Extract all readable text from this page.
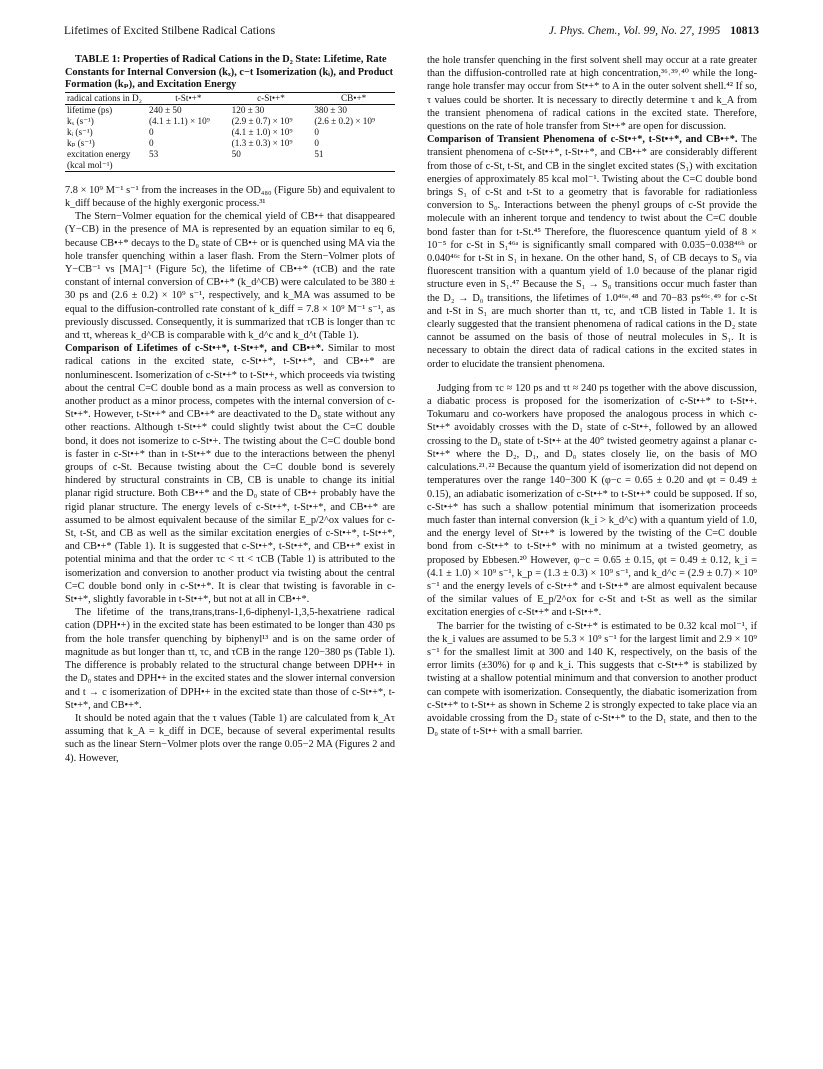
Lifetimes of Excited Stilbene Radical Cations	J. Phys. Chem., Vol. 99, No. 27, 1995 10813

TABLE 1: Properties of Radical Cations in the D₂ State: Lifetime, Rate Constants for Internal Conversion (kₓ), c−t Isomerization (kᵢ), and Product Formation (kₚ), and Excitation Energy

radical cations in D₂	t-St•+*	c-St•+*	CB•+*
lifetime (ps)	240 ± 50	120 ± 30	380 ± 30
kₓ (s⁻¹)	(4.1 ± 1.1) × 10⁹	(2.9 ± 0.7) × 10⁹	(2.6 ± 0.2) × 10⁹
kᵢ (s⁻¹)	0	(4.1 ± 1.0) × 10⁹	0
kₚ (s⁻¹)	0	(1.3 ± 0.3) × 10⁹	0
excitation energy (kcal mol⁻¹)	53	50	51

7.8 × 10⁹ M⁻¹ s⁻¹ from the increases in the OD₄₈₀ (Figure 5b) and equivalent to k_diff because of the highly exergonic process.³¹

The Stern−Volmer equation for the chemical yield of CB•+ that disappeared (Y−CB) in the presence of MA is represented by an equation similar to eq 6, because CB•+* decays to the D₀ state of CB•+ or is quenched using MA via the hole transfer quenching within a laser flash. From the Stern−Volmer plots of Y−CB⁻¹ vs [MA]⁻¹ (Figure 5c), the lifetime of CB•+* (τCB) and the rate constant of internal conversion of CB•+* (k_d^CB) were calculated to be 380 ± 30 ps and (2.6 ± 0.2) × 10⁹ s⁻¹, respectively, and k_MA was assumed to be equal to the diffusion-controlled rate constant of k_diff = 7.8 × 10⁹ M⁻¹ s⁻¹, as previously discussed. Consequently, it is summarized that τCB is longer than τc and τt, whereas k_d^CB is comparable with k_d^c and k_d^t (Table 1).

Comparison of Lifetimes of c-St•+*, t-St•+*, and CB•+*. Similar to most radical cations in the excited state, c-St•+*, t-St•+*, and CB•+* are nonluminescent. Isomerization of c-St•+* to t-St•+, which proceeds via twisting about the central C=C double bond as a main process as well as conversion to another product as a minor process, competes with the internal conversion of c-St•+*. However, t-St•+* and CB•+* are deactivated to the D₀ state without any other reactions. Although t-St•+* could slightly twist about the C=C double bond, it does not isomerize to c-St•+. The twisting about the C=C double bond is faster in c-St•+* than in t-St•+* due to the interactions between the phenyl groups of c-St. Because twisting about the C=C double bond is severely hindered by structural constraints in CB, CB is unable to change its initial planar rigid structure. Both CB•+* and the D₀ state of CB•+ probably have the rigid planar structure. The energy levels of c-St•+*, t-St•+*, and CB•+* are assumed to be almost equivalent because of the similar E_p/2^ox values for c-St, t-St, and CB as well as the similar excitation energies of c-St•+*, t-St•+*, and CB•+* (Table 1). It is suggested that c-St•+*, t-St•+*, and CB•+* exist in potential minima and that the order τc < τt < τCB (Table 1) is attributed to the isomerization and conversion to another product via twisting about the central C=C double bond only in c-St•+*. It is clear that twisting is favorable in c-St•+*, slightly favorable in t-St•+*, but not at all in CB•+*.

The lifetime of the trans,trans,trans-1,6-diphenyl-1,3,5-hexatriene radical cation (DPH•+) in the excited state has been estimated to be longer than 430 ps from the hole transfer quenching by biphenyl¹³ and is on the same order of magnitude as but longer than τt, τc, and τCB in the range 120−380 ps (Table 1). The difference is probably related to the structural change between DPH•+ in the D₀ states and DPH•+ in the excited states and the slower internal conversion and t → c isomerization of DPH•+ in the excited state than those of c-St•+*, t-St•+*, and CB•+*.

It should be noted again that the τ values (Table 1) are calculated from k_Aτ assuming that k_A = k_diff in DCE, because of several experimental results such as the linear Stern−Volmer plots over the range 0.05−2 MA (Figures 2 and 4). However,

the hole transfer quenching in the first solvent shell may occur at a rate greater than the diffusion-controlled rate at high concentration,³⁶˒³⁹˒⁴⁰ while the long-range hole transfer may occur from St•+* to A in the outer solvent shell.⁴² If so, τ values could be shorter. It is necessary to directly determine τ and k_A from the transient phenomena of radical cations in the excited state. Therefore, questions on the rate of hole transfer from St•+* are open for discussion.

Comparison of Transient Phenomena of c-St•+*, t-St•+*, and CB•+*. The transient phenomena of c-St•+*, t-St•+*, and CB•+* are considerably different from those of c-St, t-St, and CB in the singlet excited states (S₁) with excitation energies of approximately 85 kcal mol⁻¹. Twisting about the C=C double bond brings S₁ of c-St and t-St to a geometry that is favorable for radiationless conversion to S₀. Interactions between the phenyl groups of c-St provide the molecule with an inherent torque and tendency to twist about the C=C double bond faster than for t-St.⁴⁵ Therefore, the fluorescence quantum yield of 8 × 10⁻⁵ for c-St in S₁⁴⁶ᵃ is significantly small compared with 0.035−0.038⁴⁶ᵇ or 0.040⁴⁶ᶜ for t-St in S₁ in hexane. On the other hand, S₁ of CB decays to S₀ via fluorescent transition with a quantum yield of 1.0 because of the planar rigid structure even in S₁.⁴⁷ Because the S₁ → S₀ transitions occur much faster than the D₂ → D₀ transitions, the lifetimes of 1.0⁴⁶ᵃ˒⁴⁸ and 70−83 ps⁴⁶ᶜ˒⁴⁹ for c-St and t-St in S₁ are much shorter than τt, τc, and τCB listed in Table 1. It is clearly suggested that the transient phenomena of radical cations in the D₂ state cannot be assumed on the basis of those of neutral molecules in S₁. It is necessary to obtain the direct data of radical cations in the excited states in order to elucidate the transient phenomena.

Judging from τc ≈ 120 ps and τt ≈ 240 ps together with the above discussion, a diabatic process is proposed for the isomerization of c-St•+* to t-St•+. Tokumaru and co-workers have proposed the analogous process in which c-St•+* avoidably crosses with the D₁ state of c-St•+, followed by an allowed crossing to the D₀ state of t-St•+ at the 40° twisted geometry against a planar c-St•+* where the D₂, D₁, and D₀ states closely lie, on the basis of MO calculations.²¹˒²² Because the quantum yield of isomerization did not depend on temperatures over the range 140−300 K (φ−c = 0.65 ± 0.20 and φt = 0.49 ± 0.15), an adiabatic isomerization of c-St•+* to t-St•+* could be supposed. If so, c-St•+* has such a shallow potential minimum that isomerization proceeds much faster than internal conversion (k_i > k_d^c) with a quantum yield of 1.0, and the energy level of St•+* is lowered by the twisting of the C=C double bond from c-St•+* to t-St•+* with no minimum at a twisted geometry, as proposed by Ebbesen.²⁰ However, φ−c = 0.65 ± 0.15, φt = 0.49 ± 0.12, k_i = (4.1 ± 1.0) × 10⁹ s⁻¹, k_p = (1.3 ± 0.3) × 10⁹ s⁻¹, and k_d^c = (2.9 ± 0.7) × 10⁹ s⁻¹ and the energy levels of c-St•+* and t-St•+* are almost equivalent because of the similar values of E_p/2^ox for c-St and t-St as well as the similar excitation energies of c-St•+* and t-St•+*.

The barrier for the twisting of c-St•+* is estimated to be 0.32 kcal mol⁻¹, if the k_i values are assumed to be 5.3 × 10⁹ s⁻¹ for the largest limit and 2.9 × 10⁹ s⁻¹ for the smallest limit at 300 and 140 K, respectively, on the basis of the error limits (±30%) for φ and k_i. This suggests that c-St•+* is stabilized by twisting at a shallow potential minimum and that conversion to another product can compete with isomerization. Consequently, the diabatic isomerization from c-St•+* to t-St•+ as shown in Scheme 2 is strongly expected to take place via an avoidable crossing from the D₂ state of c-St•+* to the D₁ state, and then to the D₀ state of t-St•+ with a small barrier.
